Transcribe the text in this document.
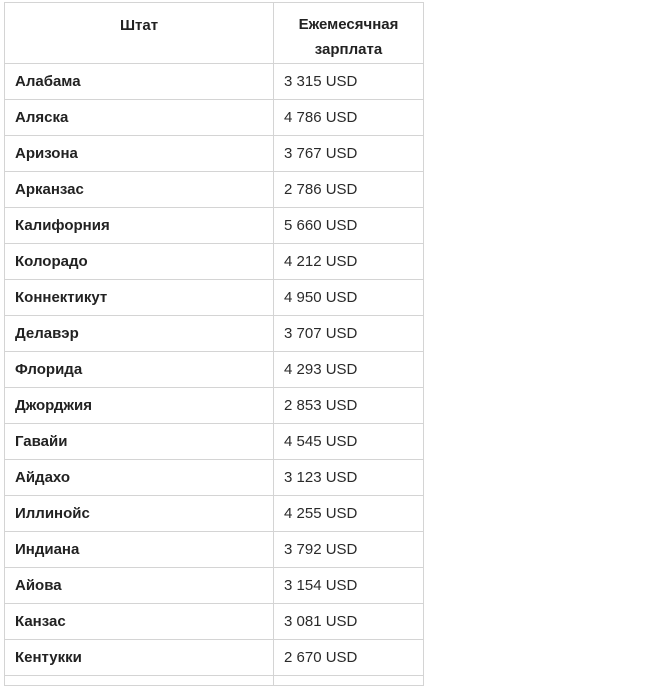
Штат	Ежемесячная зарплата
Алабама	3 315 USD
Аляска	4 786 USD
Аризона	3 767 USD
Арканзас	2 786 USD
Калифорния	5 660 USD
Колорадо	4 212 USD
Коннектикут	4 950 USD
Делавэр	3 707 USD
Флорида	4 293 USD
Джорджия	2 853 USD
Гавайи	4 545 USD
Айдахо	3 123 USD
Иллинойс	4 255 USD
Индиана	3 792 USD
Айова	3 154 USD
Канзас	3 081 USD
Кентукки	2 670 USD
